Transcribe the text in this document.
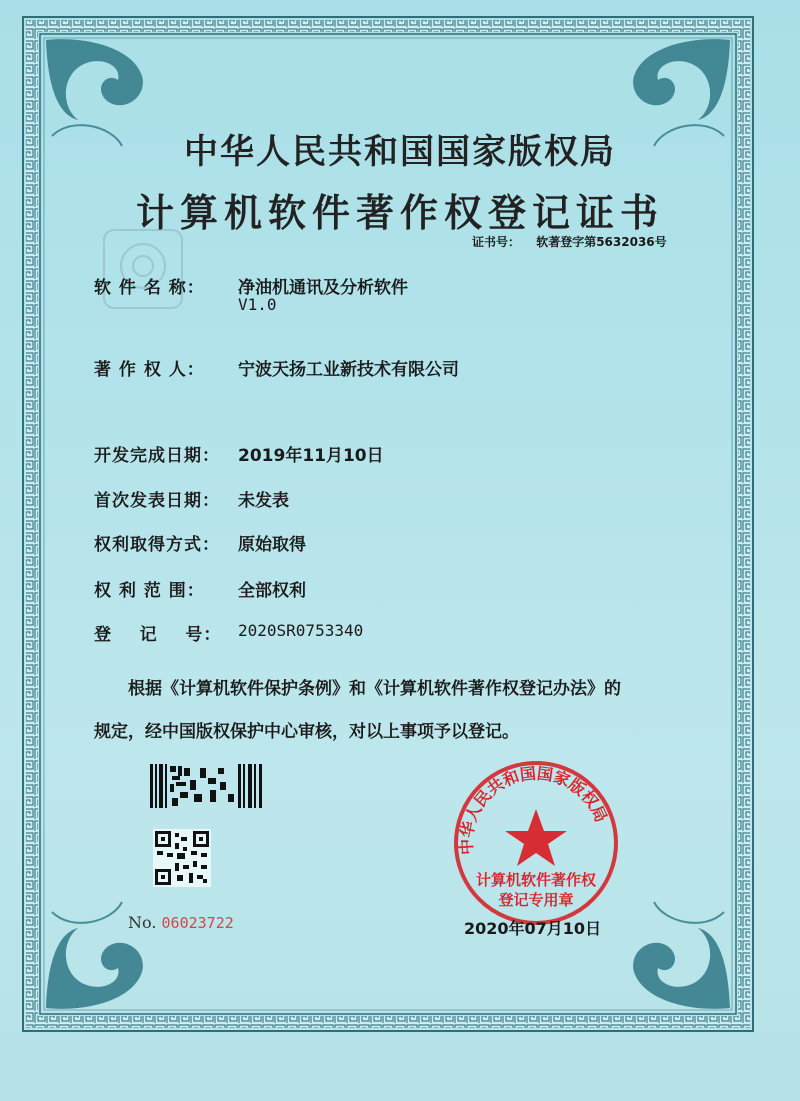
中华人民共和国国家版权局
计算机软件著作权登记证书
证书号： 软著登字第5632036号
软 件 名 称： 净油机通讯及分析软件
V1.0
著 作 权 人： 宁波天扬工业新技术有限公司
开发完成日期： 2019年11月10日
首次发表日期： 未发表
权利取得方式： 原始取得
权 利 范 围： 全部权利
登    记    号： 2020SR0753340
根据《计算机软件保护条例》和《计算机软件著作权登记办法》的
规定，经中国版权保护中心审核，对以上事项予以登记。
No. 06023722
中华人民共和国国家版权局
计算机软件著作权
登记专用章
2020年07月10日
